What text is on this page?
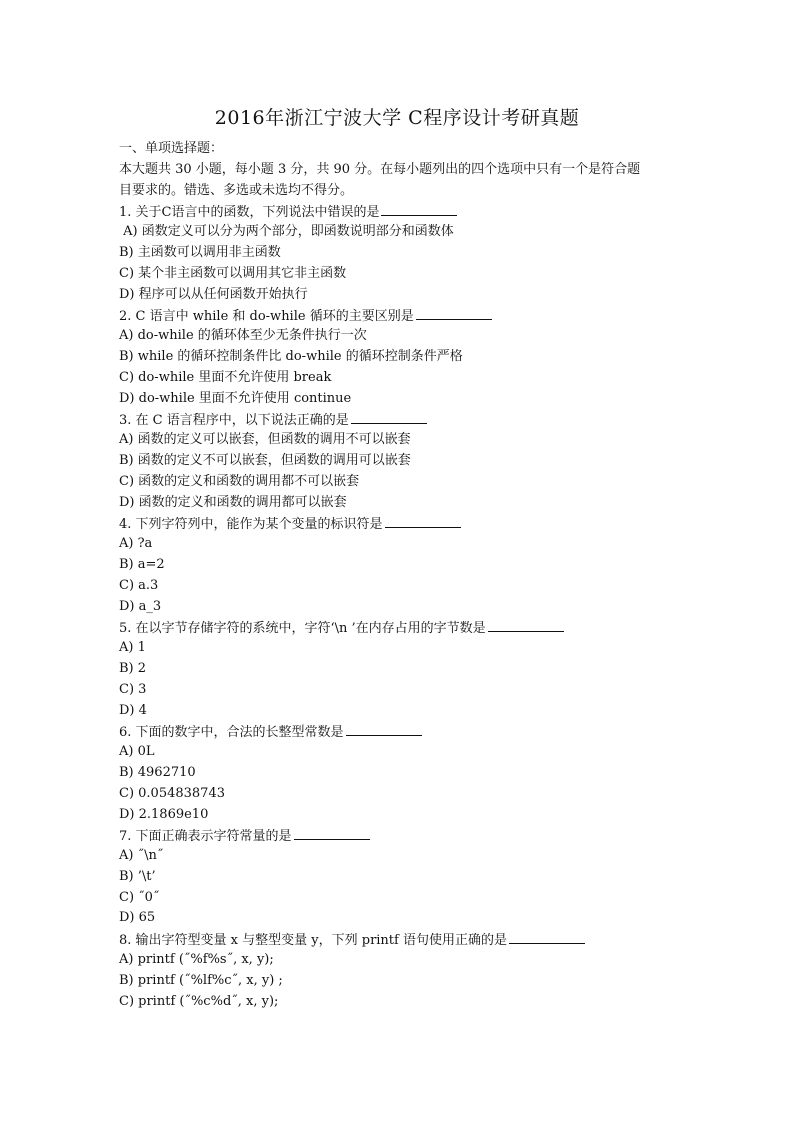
2016年浙江宁波大学 C程序设计考研真题
一、单项选择题：
本大题共 30 小题，每小题 3 分，共 90 分。在每小题列出的四个选项中只有一个是符合题目要求的。错选、多选或未选均不得分。
1. 关于C语言中的函数，下列说法中错误的是
A) 函数定义可以分为两个部分，即函数说明部分和函数体
B) 主函数可以调用非主函数
C) 某个非主函数可以调用其它非主函数
D) 程序可以从任何函数开始执行
2. C 语言中 while 和 do-while 循环的主要区别是
A) do-while 的循环体至少无条件执行一次
B) while 的循环控制条件比 do-while 的循环控制条件严格
C) do-while 里面不允许使用 break
D) do-while 里面不允许使用 continue
3. 在 C 语言程序中，以下说法正确的是
A) 函数的定义可以嵌套，但函数的调用不可以嵌套
B) 函数的定义不可以嵌套，但函数的调用可以嵌套
C) 函数的定义和函数的调用都不可以嵌套
D) 函数的定义和函数的调用都可以嵌套
4. 下列字符列中，能作为某个变量的标识符是
A) ?a
B) a=2
C) a.3
D) a_3
5. 在以字节存储字符的系统中，字符‘\n ’在内存占用的字节数是
A) 1
B) 2
C) 3
D) 4
6. 下面的数字中，合法的长整型常数是
A) 0L
B) 4962710
C) 0.054838743
D) 2.1869e10
7. 下面正确表示字符常量的是
A) ˝\n˝
B) ’\t’
C) ˝0˝
D) 65
8. 输出字符型变量 x 与整型变量 y，下列 printf 语句使用正确的是
A) printf (˝%f%s˝, x, y);
B) printf (˝%lf%c˝, x, y) ;
C) printf (˝%c%d˝, x, y);
